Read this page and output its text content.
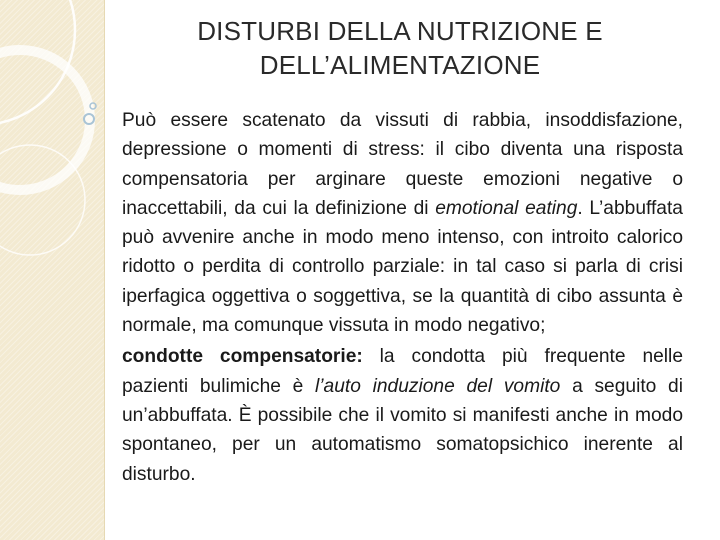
DISTURBI DELLA NUTRIZIONE E
DELL’ALIMENTAZIONE

Può essere scatenato da vissuti di rabbia, insoddisfazione, depressione o momenti di stress: il cibo diventa una risposta compensatoria per arginare queste emozioni negative o inaccettabili, da cui la definizione di emotional eating. L’abbuffata può avvenire anche in modo meno intenso, con introito calorico ridotto o perdita di controllo parziale: in tal caso si parla di crisi iperfagica oggettiva o soggettiva, se la quantità di cibo assunta è normale, ma comunque vissuta in modo negativo;

condotte compensatorie: la condotta più frequente nelle pazienti bulimiche è l’auto induzione del vomito a seguito di un’abbuffata. È possibile che il vomito si manifesti anche in modo spontaneo, per un automatismo somatopsichico inerente al disturbo.
